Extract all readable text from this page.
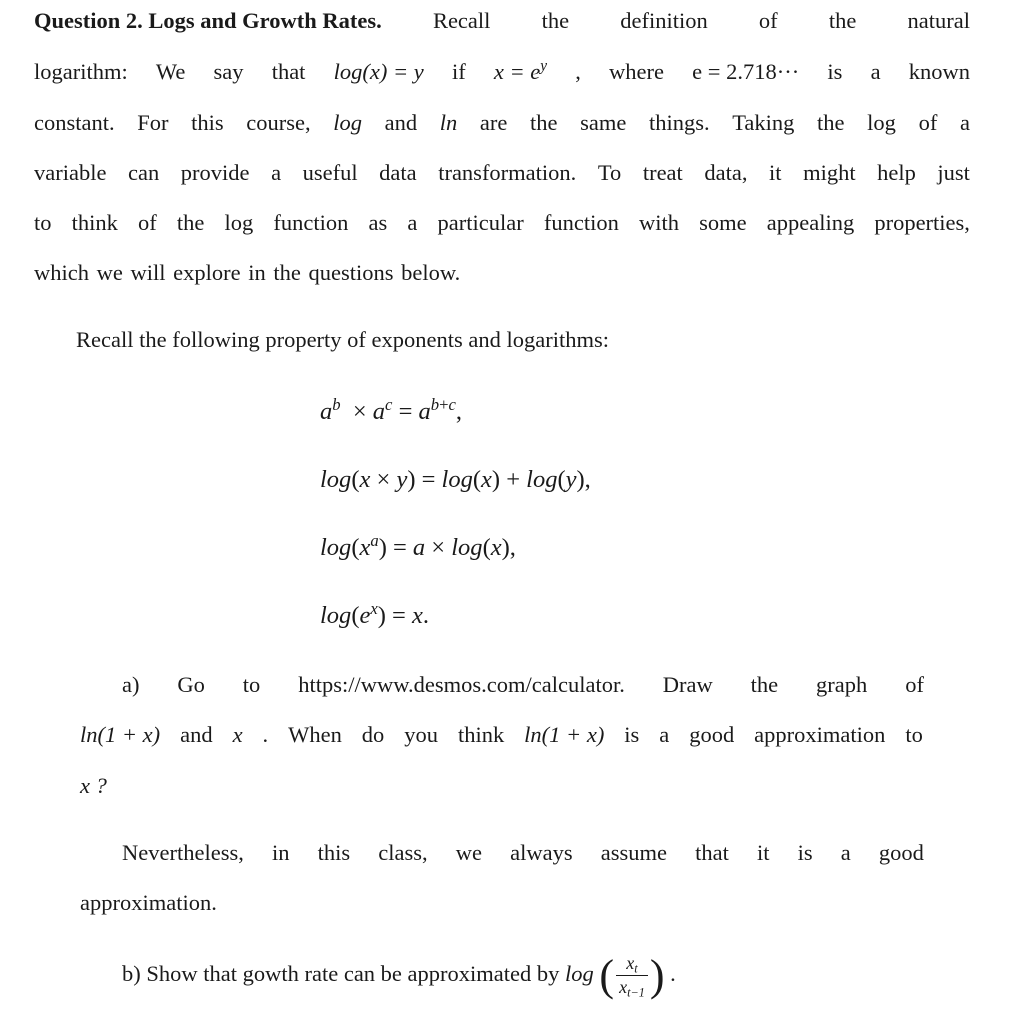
Question 2. Logs and Growth Rates. Recall the definition of the natural
logarithm: We say that log(x) = y if $x = e^y$ , where e = 2.718··· is a known
constant. For this course, log and ln are the same things. Taking the log of a
variable can provide a useful data transformation. To treat data, it might help just
to think of the log function as a particular function with some appealing properties,
which we will explore in the questions below.
Recall the following property of exponents and logarithms:
$a^b \times a^c = a^{b+c}$,
log(x × y) = log(x) + log(y),
$\log(x^a) = a \times \log(x)$,
$\log(e^x) = x$.
a) Go to https://www.desmos.com/calculator. Draw the graph of
ln(1 + x) and x . When do you think ln(1 + x) is a good approximation to
x ?
Nevertheless, in this class, we always assume that it is a good
approximation.
b) Show that gowth rate can be approximated by log ( $\frac{x_t}{x_{t-1}}$ ) .
